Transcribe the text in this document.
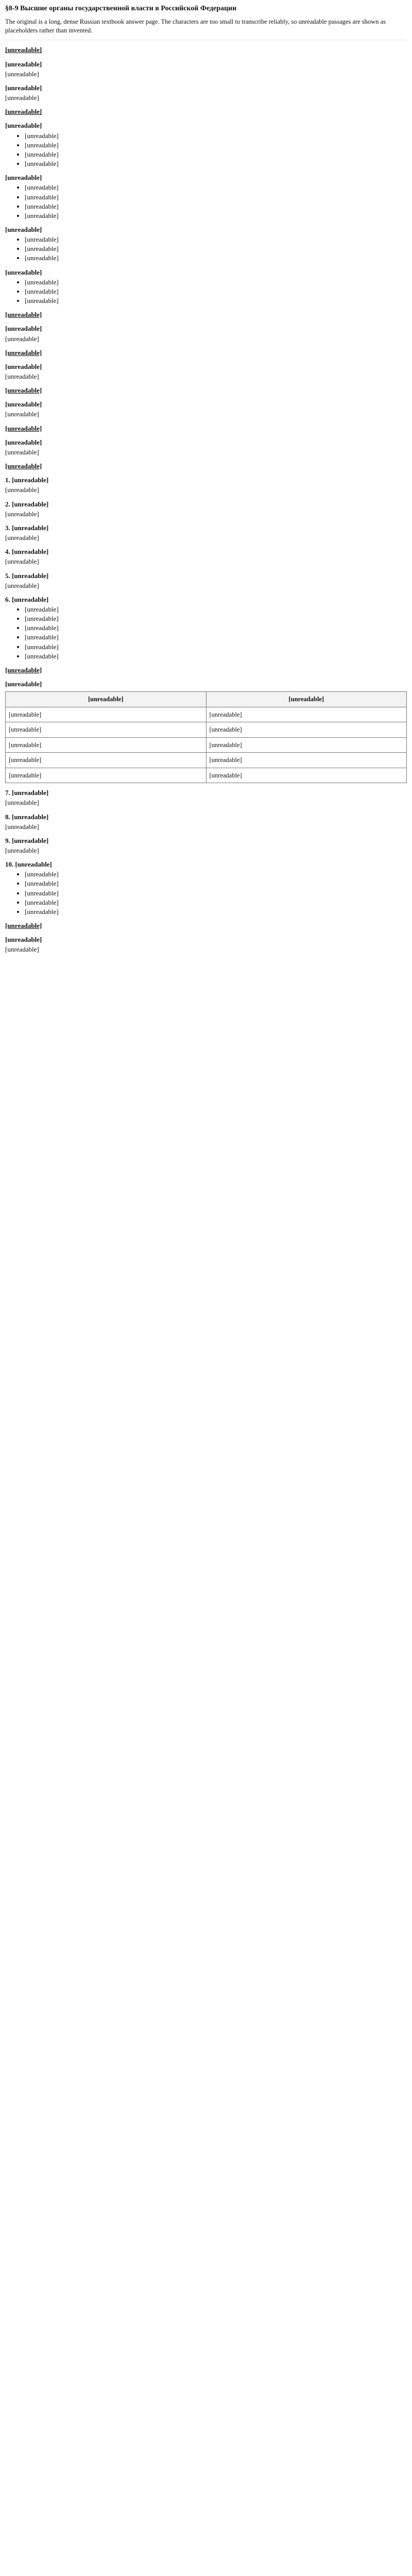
§8-9 Высшие органы государственной власти в Российской Федерации
The original is a long, dense Russian textbook answer page. The characters are too small to transcribe reliably, so unreadable passages are shown as placeholders rather than invented.
[unreadable]
[unreadable]
[unreadable]
[unreadable]
[unreadable]
[unreadable]
[unreadable]
• [unreadable]
• [unreadable]
• [unreadable]
• [unreadable]
[unreadable]
• [unreadable]
• [unreadable]
• [unreadable]
• [unreadable]
[unreadable]
• [unreadable]
• [unreadable]
• [unreadable]
[unreadable]
• [unreadable]
• [unreadable]
• [unreadable]
[unreadable]
[unreadable]
[unreadable]
[unreadable]
[unreadable]
[unreadable]
[unreadable]
[unreadable]
[unreadable]
[unreadable]
[unreadable]
[unreadable]
[unreadable]
1. [unreadable]
[unreadable]
2. [unreadable]
[unreadable]
3. [unreadable]
[unreadable]
4. [unreadable]
[unreadable]
5. [unreadable]
[unreadable]
6. [unreadable]
• [unreadable]
• [unreadable]
• [unreadable]
• [unreadable]
• [unreadable]
• [unreadable]
[unreadable]
[unreadable]
[unreadable]	[unreadable]
[unreadable]	[unreadable]
[unreadable]	[unreadable]
[unreadable]	[unreadable]
[unreadable]	[unreadable]
[unreadable]	[unreadable]
7. [unreadable]
[unreadable]
8. [unreadable]
[unreadable]
9. [unreadable]
[unreadable]
10. [unreadable]
• [unreadable]
• [unreadable]
• [unreadable]
• [unreadable]
• [unreadable]
[unreadable]
[unreadable]
[unreadable]
